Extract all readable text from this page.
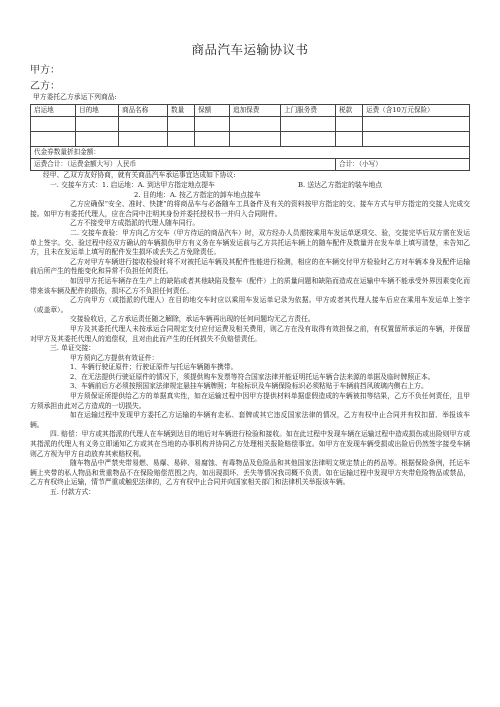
商品汽车运输协议书
甲方：
乙方：
甲方委托乙方承运下列商品:
启运地	目的地	商品名称	数量	保额	追加保费	上门服务费	税款	运费（含10万元保险）

代金券数量折扣金额：								
运费合计：（运费金额大写）人民币							合计：（小写）	
经甲、乙双方友好协商，就有关商品汽车承运事宜达成如下协议:
一. 交接车方式：1. 启运地：A. 到达甲方指定地点提车	B. 送达乙方指定的装车地点
2. 目的地：A. 按乙方指定的卸车地点接车

乙方应确保“安全、准时、快捷”的将商品车与必备随车工具备件及有关的资料按甲方指定的交、接车方式与甲方指定的交接人完成交接。如甲方有委托代理人，应在合同中注明其身份并委托授权书一并归入合同附件。

乙方不接受甲方成指派的代理人随车同行。

二. 交接车查验：甲方向乙方交车（甲方待运的商品汽车）时，双方经办人员需按乘用车发运单逐项交、验，交接完毕后双方需在发运单上签字。交、验过程中经双方确认的车辆损伤甲方有义务在车辆发运前与乙方共托运车辆上的随车配件及数量并在发车单上填写清楚，未告知乙方，且未在发运单上填写的配件发生损坏或丢失乙方免除责任。

乙方对甲方车辆进行接收检验时将不对被托运车辆及其配件性能进行检测，相应的在车辆交付甲方检验时乙方对车辆本身及配件运输前后所产生的性能变化和异常不负担任何责任。

如因甲方托运车辆存在生产上的缺陷或者其他缺陷及整车（配件）上的质量问题和缺陷而造成在运输中车辆不能承受外界因素变化而带来该车辆及配件的损伤，损坏乙方不负担任何责任。

乙方向甲方（或指派的代理人）在目的地交车时应以乘用车发运单记录为依据。甲方或者其代理人接车后应在乘用车发运单上签字（或盖章）。

交接验收后，乙方承运责任随之解除，承运车辆再出现的任何问题均无乙方责任。

甲方及其委托代理人未按承运合同规定支付应付运费及相关费用，则乙方在没有取得有效担保之前，有权置留所承运的车辆，并保留对甲方及其委托代理人的追偿权，且对由此而产生的任何损失不负赔偿责任。

三. 单证交接：

甲方须向乙方提供有效证件：

1、车辆行驶证原件；行驶证原件与托运车辆随车携带。

2、在无法提供行驶证原件的情况下，须提供购车发票等符合国家法律并能证明托运车辆合法来源的单据及临时牌照正本。

3、车辆前后方必须按照国家法律规定悬挂车辆牌照；年检标识及车辆保险标识必须粘贴于车辆前挡风玻璃内侧右上方。

甲方须保证所提供给乙方的单据真实性，如在运输过程中因甲方提供材料单据虚假造成的车辆被扣等结果，乙方不负任何责任，且甲方须承担由此对乙方造成的一切损失。

如在运输过程中发现甲方委托乙方运输的车辆有走私、套牌或其它违反国家法律的情况，乙方有权中止合同并有权扣留、举报该车辆。

四. 赔偿：甲方或其指派的代理人在车辆到达目的地后对车辆进行检验和接收。如在此过程中发现车辆在运输过程中造成损伤或出险则甲方或其指派的代理人有义务立即通知乙方或其在当地的办事机构并协同乙方处理相关报险赔偿事宜。如甲方在发现车辆受损或出险后仍然签字接受车辆则乙方视为甲方自动放弃其索赔权利。

随车物品中严禁夹带易燃、易爆、易碎、易腐蚀、有毒物品及危险品和其他国家法律明文规定禁止的药品等。根据保险条例，托运车辆上夹带的私人物品和贵重物品不在保险赔偿范围之内，如出现损坏、丢失等情况我司概不负责。如在运输过程中发现甲方夹带危险物品或禁品，乙方有权终止运输，情节严重或触犯法律的，乙方有权中止合同并向国家相关部门和法律机关举报该车辆。

五. 付款方式：
